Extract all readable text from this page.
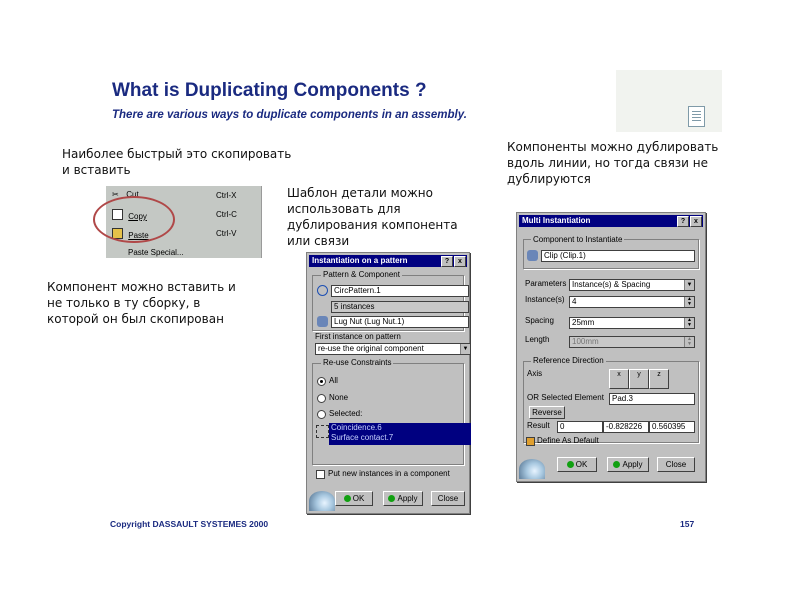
What is Duplicating Components ?
There are various ways to duplicate components in an assembly.
Наиболее быстрый это скопировать
и вставить
Шаблон детали можно
использовать для
дублирования компонента
или связи
Компоненты можно дублировать
вдоль линии, но тогда связи не
дублируются
Компонент можно вставить и
не только в ту сборку, в
которой он был скопирован
✂ Cut	Ctrl-X
Copy	Ctrl-C
Paste	Ctrl-V
Paste Special...
Instantiation on a pattern	?	x
Pattern & Component
CircPattern.1
5 instances
Lug Nut (Lug Nut.1)
First instance on pattern
re-use the original component	▼
Re-use Constraints
All
None
Selected:
Coincidence.6
Surface contact.7
Put new instances in a component
OK	Apply	Close
Multi Instantiation	?	x
Component to Instantiate
Clip (Clip.1)
Parameters Instance(s) & Spacing	▼
Instance(s) 4	▲
▼
Spacing	25mm	▲
▼
Length	100mm	▲
▼
Reference Direction
Axis	x	y	z
OR Selected Element	Pad.3
Reverse
Result	0	-0.828226	0.560395
Define As Default
OK	Apply	Close
Copyright DASSAULT SYSTEMES 2000	157
